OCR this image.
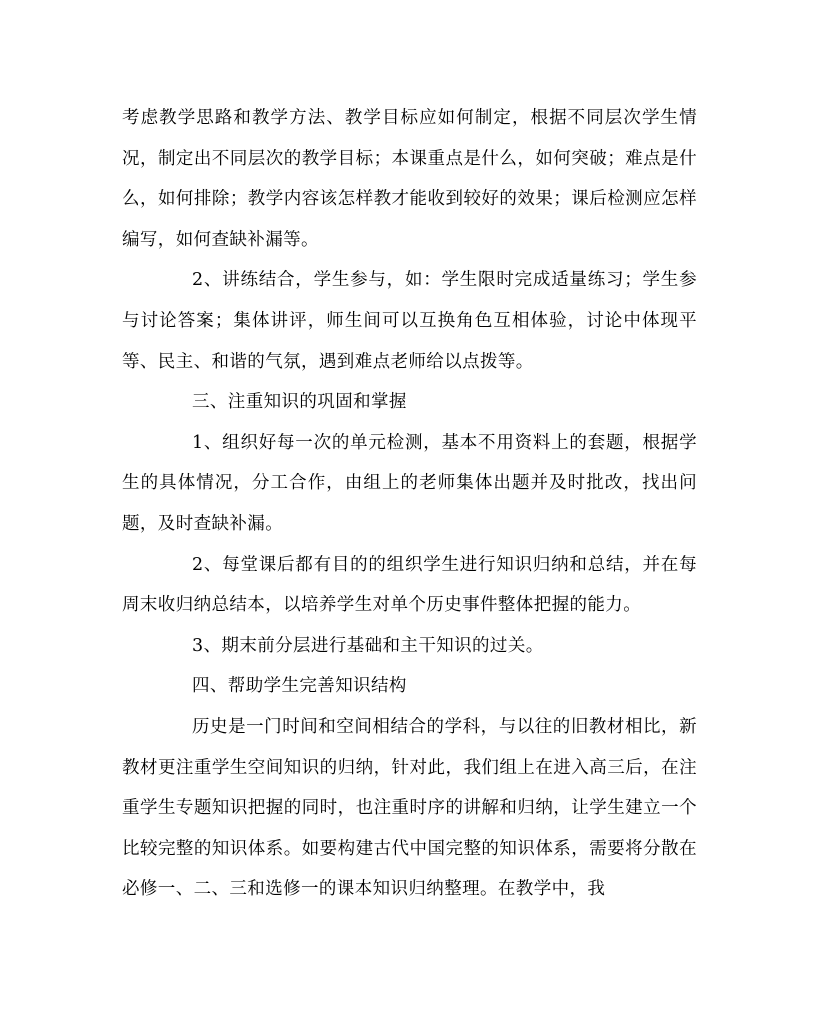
考虑教学思路和教学方法、教学目标应如何制定，根据不同层次学生情况，制定出不同层次的教学目标；本课重点是什么，如何突破；难点是什么，如何排除；教学内容该怎样教才能收到较好的效果；课后检测应怎样编写，如何查缺补漏等。

2、讲练结合，学生参与，如：学生限时完成适量练习；学生参与讨论答案；集体讲评，师生间可以互换角色互相体验，讨论中体现平等、民主、和谐的气氛，遇到难点老师给以点拨等。

三、注重知识的巩固和掌握

1、组织好每一次的单元检测，基本不用资料上的套题，根据学生的具体情况，分工合作，由组上的老师集体出题并及时批改，找出问题，及时查缺补漏。

2、每堂课后都有目的的组织学生进行知识归纳和总结，并在每周末收归纳总结本，以培养学生对单个历史事件整体把握的能力。

3、期末前分层进行基础和主干知识的过关。

四、帮助学生完善知识结构

历史是一门时间和空间相结合的学科，与以往的旧教材相比，新教材更注重学生空间知识的归纳，针对此，我们组上在进入高三后，在注重学生专题知识把握的同时，也注重时序的讲解和归纳，让学生建立一个比较完整的知识体系。如要构建古代中国完整的知识体系，需要将分散在必修一、二、三和选修一的课本知识归纳整理。在教学中，我
